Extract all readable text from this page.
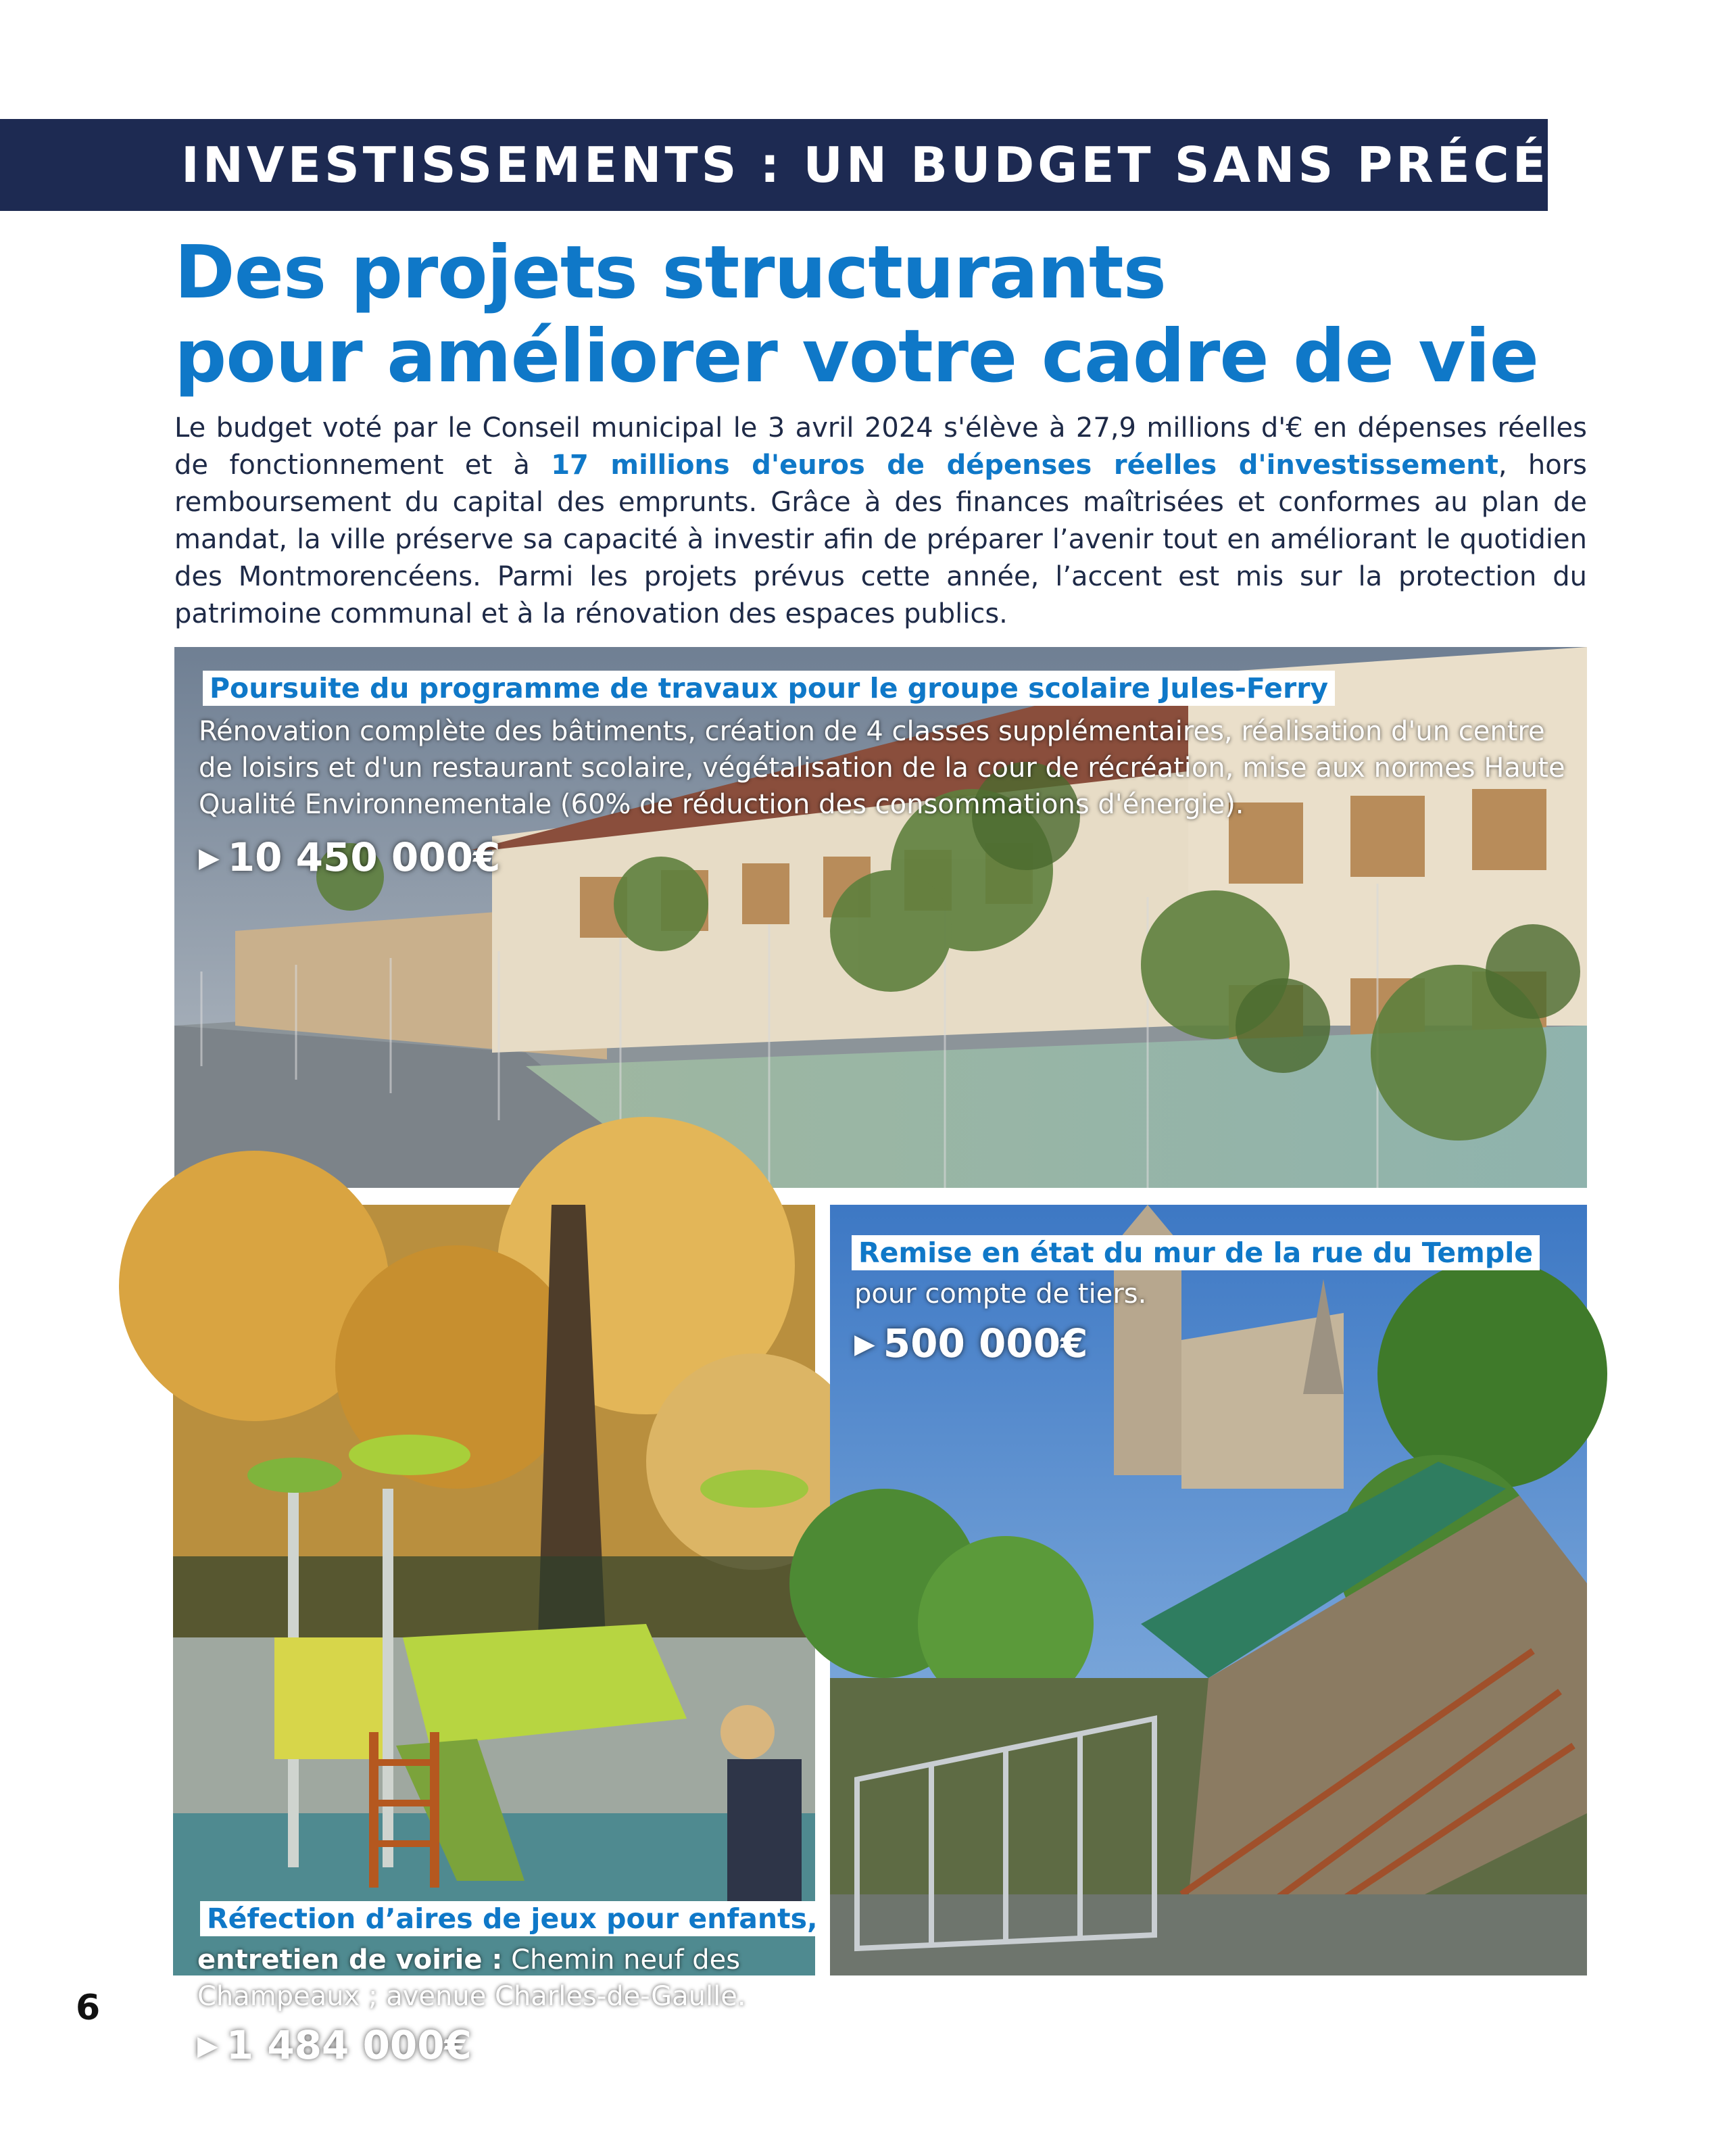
INVESTISSEMENTS : UN BUDGET SANS PRÉCÉDENT
Des projets structurants
pour améliorer votre cadre de vie

Le budget voté par le Conseil municipal le 3 avril 2024 s'élève à 27,9 millions d'€ en dépenses réelles de fonctionnement et à 17 millions d'euros de dépenses réelles d'investissement, hors remboursement du capital des emprunts. Grâce à des finances maîtrisées et conformes au plan de mandat, la ville préserve sa capacité à investir afin de préparer l’avenir tout en améliorant le quotidien des Montmorencéens. Parmi les projets prévus cette année, l’accent est mis sur la protection du patrimoine communal et à la rénovation des espaces publics.

Poursuite du programme de travaux pour le groupe scolaire Jules-Ferry
Rénovation complète des bâtiments, création de 4 classes supplémentaires, réalisation d'un centre de loisirs et d'un restaurant scolaire, végétalisation de la cour de récréation, mise aux normes Haute Qualité Environnementale (60% de réduction des consommations d'énergie).
▶ 10 450 000€
Réfection d’aires de jeux pour enfants,
entretien de voirie : Chemin neuf des Champeaux ; avenue Charles-de-Gaulle.
▶ 1 484 000€
Remise en état du mur de la rue du Temple
pour compte de tiers.
▶ 500 000€
6
